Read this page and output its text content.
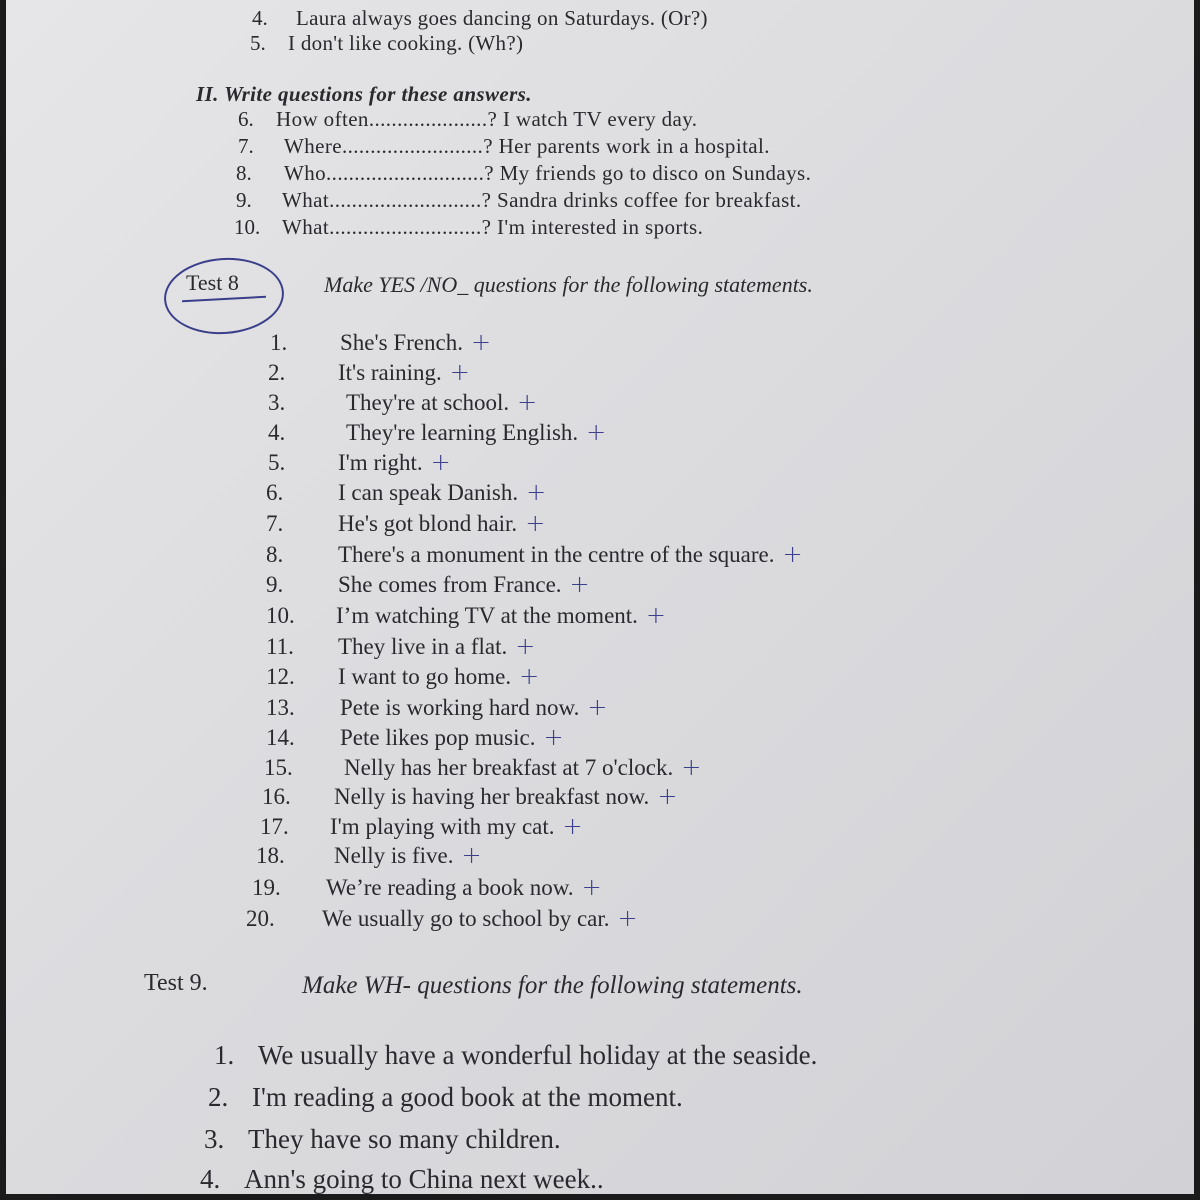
4. Laura always goes dancing on Saturdays. (Or?)
5. I don't like cooking. (Wh?)
II. Write questions for these answers.
6. How often.....................? I watch TV every day.
7. Where.........................? Her parents work in a hospital.
8. Who............................? My friends go to disco on Sundays.
9. What...........................? Sandra drinks coffee for breakfast.
10. What...........................? I'm interested in sports.
Test 8	Make YES /NO_ questions for the following statements.
1. She's French. +
2. It's raining. +
3.	They're at school. +
4.	They're learning English. +
5. I'm right. +
6. I can speak Danish. +
7. He's got blond hair. +
8. There's a monument in the centre of the square. +
9. She comes from France. +
10. I’m watching TV at the moment. +
11. They live in a flat. +
12. I want to go home. +
13. Pete is working hard now. +
14. Pete likes pop music. +
15. Nelly has her breakfast at 7 o'clock. +
16. Nelly is having her breakfast now. +
17. I'm playing with my cat. +
18. Nelly is five. +
19. We’re reading a book now. +
20. We usually go to school by car. +
Test 9.	Make WH- questions for the following statements.
1. We usually have a wonderful holiday at the seaside.
2. I'm reading a good book at the moment.
3. They have so many children.
4. Ann's going to China next week..
